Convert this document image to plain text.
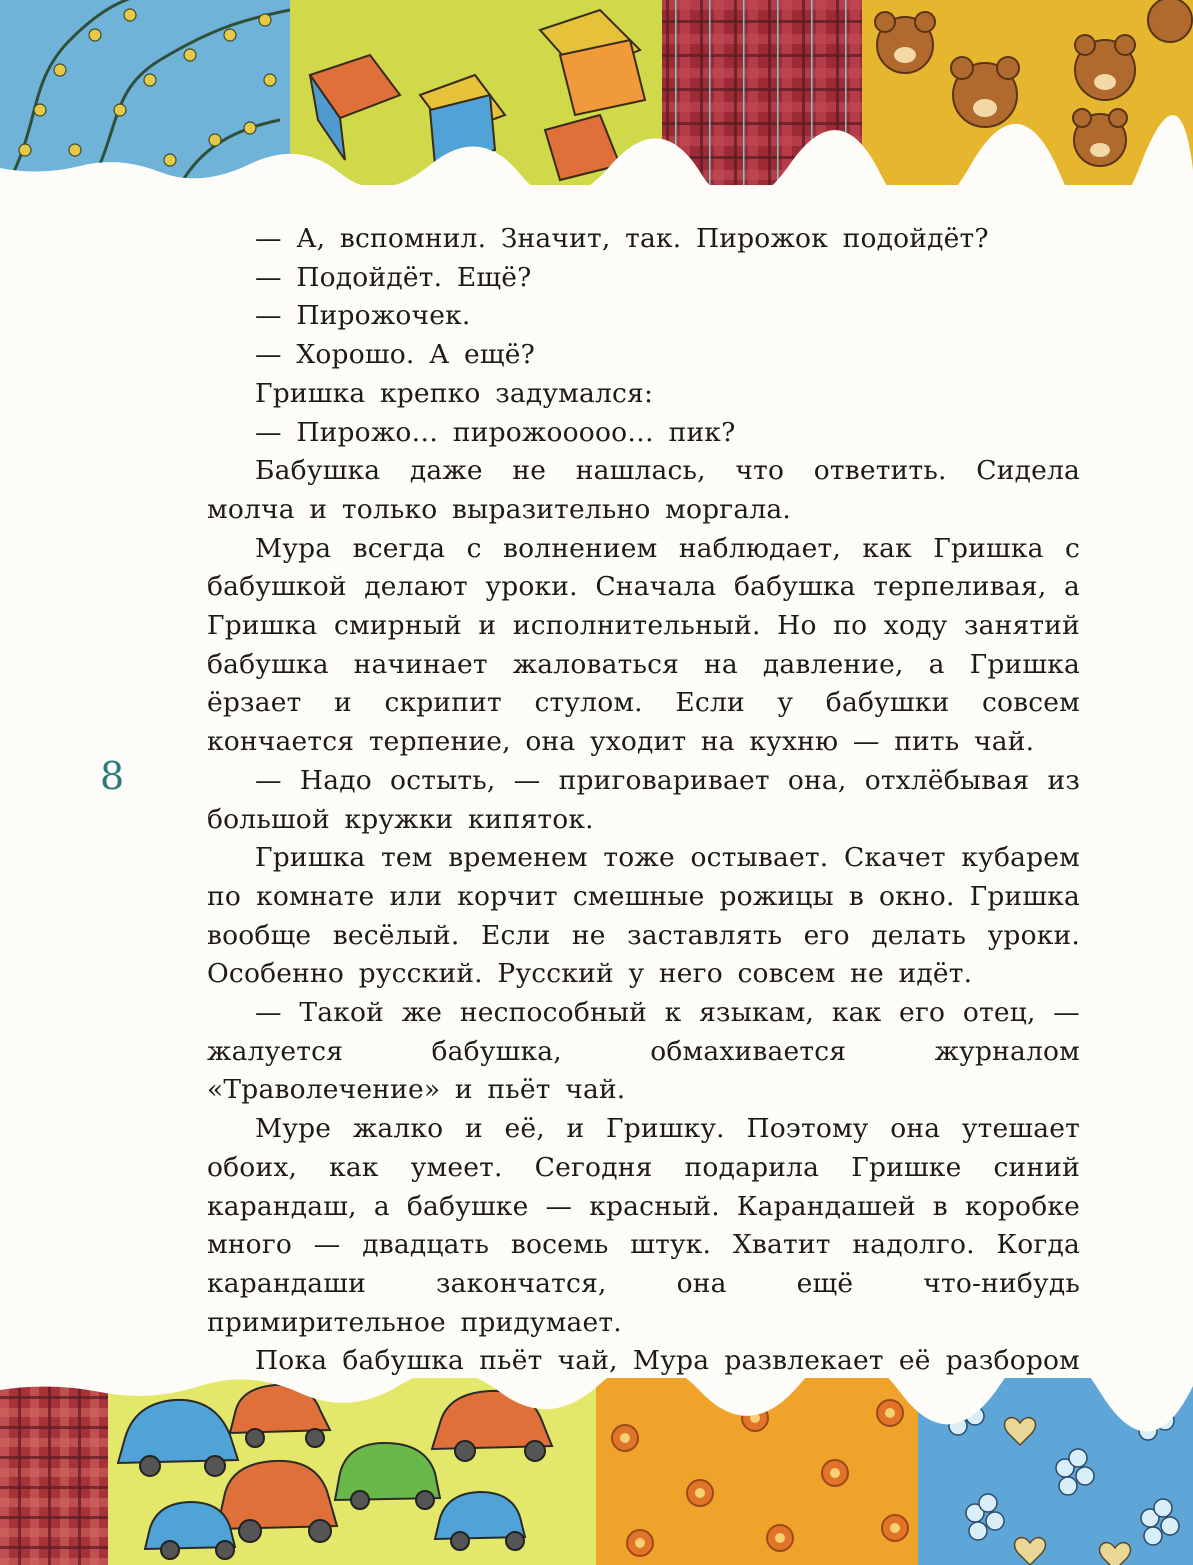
8

— А, вспомнил. Значит, так. Пирожок подойдёт?

— Подойдёт. Ещё?

— Пирожочек.

— Хорошо. А ещё?

Гришка крепко задумался:

— Пирожо… пирожооооо… пик?

Бабушка даже не нашлась, что ответить. Сидела молча и только выразительно моргала.

Мура всегда с волнением наблюдает, как Гришка с бабушкой делают уроки. Сначала бабушка терпеливая, а Гришка смирный и исполнительный. Но по ходу занятий бабушка начинает жаловаться на давление, а Гришка ёрзает и скрипит стулом. Если у бабушки совсем кончается терпение, она уходит на кухню — пить чай.

— Надо остыть, — приговаривает она, отхлёбывая из большой кружки кипяток.

Гришка тем временем тоже остывает. Скачет кубарем по комнате или корчит смешные рожицы в окно. Гришка вообще весёлый. Если не заставлять его делать уроки. Особенно русский. Русский у него совсем не идёт.

— Такой же неспособный к языкам, как его отец, — жалуется бабушка, обмахивается журналом «Траволечение» и пьёт чай.

Муре жалко и её, и Гришку. Поэтому она утешает обоих, как умеет. Сегодня подарила Гришке синий карандаш, а бабушке — красный. Карандашей в коробке много — двадцать восемь штук. Хватит надолго. Когда карандаши закончатся, она ещё что-нибудь примирительное придумает.

Пока бабушка пьёт чай, Мура развлекает её разбором
